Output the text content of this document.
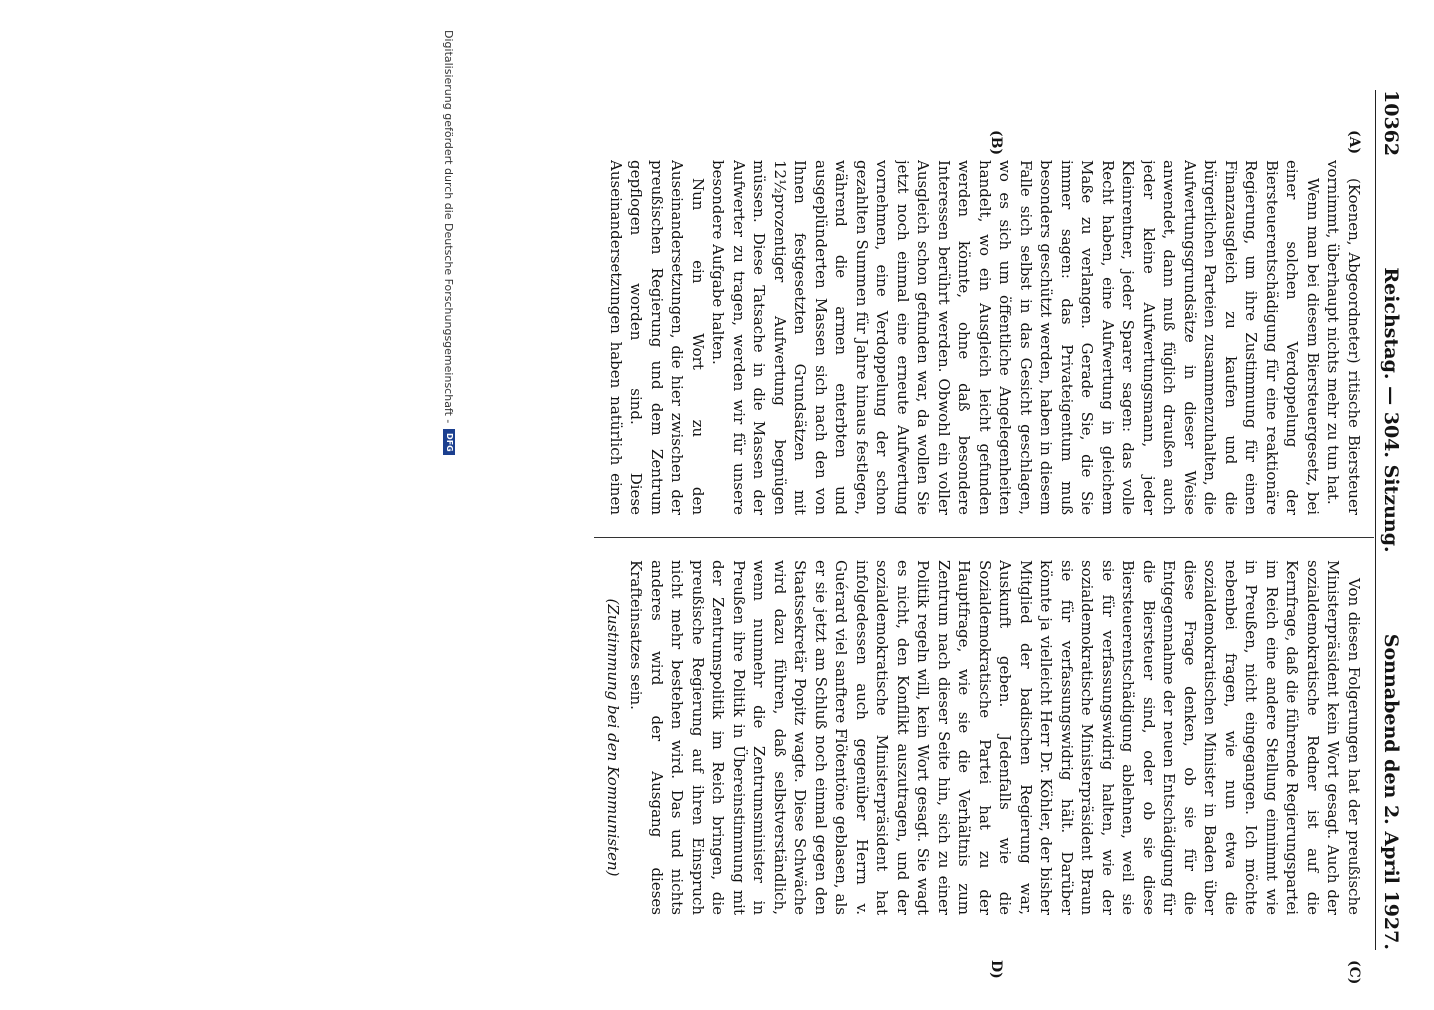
10362
Reichstag. — 304. Sitzung.
Sonnabend den 2. April 1927.
(A)
(B)
(C)
D)

(Koenen, Abgeordneter) ritische Biersteuer vornimmt, überhaupt nichts mehr zu tun hat.

Wenn man bei diesem Biersteuergesetz, bei einer solchen Verdoppelung der Biersteuerentschädigung für eine reaktionäre Regierung, um ihre Zustimmung für einen Finanzausgleich zu kaufen und die bürgerlichen Parteien zusammenzuhalten, die Aufwertungsgrundsätze in dieser Weise anwendet, dann muß füglich draußen auch jeder kleine Aufwertungsmann, jeder Kleinrentner, jeder Sparer sagen: das volle Recht haben, eine Aufwertung in gleichem Maße zu verlangen. Gerade Sie, die Sie immer sagen: das Privateigentum muß besonders geschützt werden, haben in diesem Falle sich selbst in das Gesicht geschlagen, wo es sich um öffentliche Angelegenheiten handelt, wo ein Ausgleich leicht gefunden werden könnte, ohne daß besondere Interessen berührt werden. Obwohl ein voller Ausgleich schon gefunden war, da wollen Sie jetzt noch einmal eine erneute Aufwertung vornehmen, eine Verdoppelung der schon gezahlten Summen für Jahre hinaus festlegen, während die armen enterbten und ausgeplünderten Massen sich nach den von Ihnen festgesetzten Grundsätzen mit 12½prozentiger Aufwertung begnügen müssen. Diese Tatsache in die Massen der Aufwerter zu tragen, werden wir für unsere besondere Aufgabe halten.

Nun ein Wort zu den Auseinandersetzungen, die hier zwischen der preußischen Regierung und dem Zentrum gepflogen worden sind. Diese Auseinandersetzungen haben natürlich einen

Von diesen Folgerungen hat der preußische Ministerpräsident kein Wort gesagt. Auch der sozialdemokratische Redner ist auf die Kernfrage, daß die führende Regierungspartei im Reich eine andere Stellung einnimmt wie in Preußen, nicht eingegangen. Ich möchte nebenbei fragen, wie nun etwa die sozialdemokratischen Minister in Baden über diese Frage denken, ob sie für die Entgegennahme der neuen Entschädigung für die Biersteuer sind, oder ob sie diese Biersteuerentschädigung ablehnen, weil sie sie für verfassungswidrig halten, wie der sozialdemokratische Ministerpräsident Braun sie für verfassungswidrig hält. Darüber könnte ja vielleicht Herr Dr. Köhler, der bisher Mitglied der badischen Regierung war, Auskunft geben. Jedenfalls wie die Sozialdemokratische Partei hat zu der Hauptfrage, wie sie die Verhältnis zum Zentrum nach dieser Seite hin, sich zu einer Politik regeln will, kein Wort gesagt. Sie wagt es nicht, den Konflikt auszutragen, und der sozialdemokratische Ministerpräsident hat infolgedessen auch gegenüber Herrn v. Guérard viel sanftere Flötentöne geblasen, als er sie jetzt am Schluß noch einmal gegen den Staatssekretär Popitz wagte. Diese Schwäche wird dazu führen, daß selbstverständlich, wenn nunmehr die Zentrumsminister in Preußen ihre Politik in Übereinstimmung mit der Zentrumspolitik im Reich bringen, die preußische Regierung auf ihren Einspruch nicht mehr bestehen wird. Das und nichts anderes wird der Ausgang dieses Krafteinsatzes sein.

(Zustimmung bei den Kommunisten)

Digitalisierung gefördert durch die Deutsche Forschungsgemeinschaft -
DFG
